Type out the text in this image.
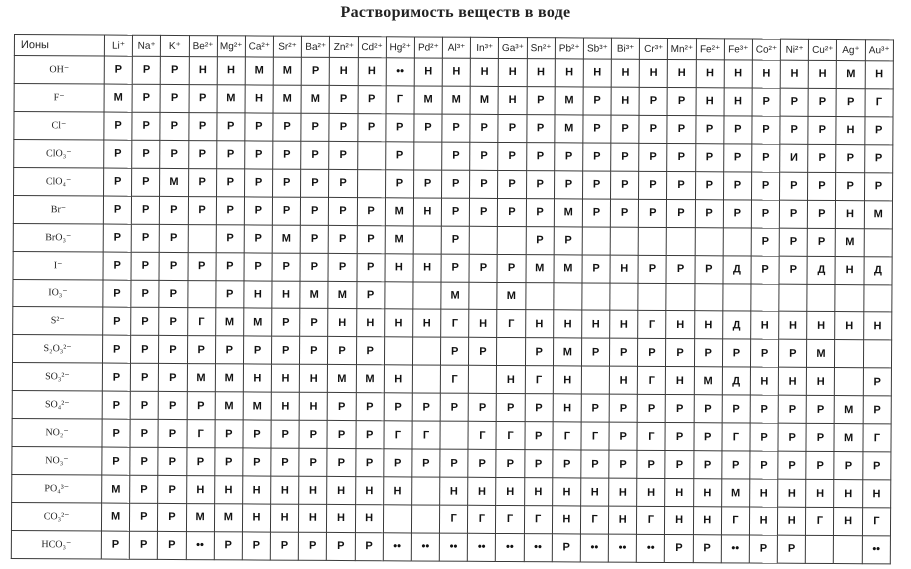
Растворимость веществ в воде
Ионы	Li⁺	Na⁺	K⁺	Be²⁺	Mg²⁺	Ca²⁺	Sr²⁺	Ba²⁺	Zn²⁺	Cd²⁺	Hg²⁺	Pd²⁺	Al³⁺	In³⁺	Ga³⁺	Sn²⁺	Pb²⁺	Sb³⁺	Bi³⁺	Cr³⁺	Mn²⁺	Fe²⁺	Fe³⁺	Co²⁺	Ni²⁺	Cu²⁺	Ag⁺	Au³⁺
OH⁻	Р	Р	Р	Н	Н	М	М	Р	Н	Н	••	Н	Н	Н	Н	Н	Н	Н	Н	Н	Н	Н	Н	Н	Н	Н	М	Н
F⁻	М	Р	Р	Р	М	Н	М	М	Р	Р	Г	М	М	М	Н	Р	М	Р	Н	Р	Р	Н	Н	Р	Р	Р	Р	Г
Cl⁻	Р	Р	Р	Р	Р	Р	Р	Р	Р	Р	Р	Р	Р	Р	Р	Р	М	Р	Р	Р	Р	Р	Р	Р	Р	Р	Н	Р
ClO₃⁻	Р	Р	Р	Р	Р	Р	Р	Р	Р		Р		Р	Р	Р	Р	Р	Р	Р	Р	Р	Р	Р	Р	И	Р	Р	Р
ClO₄⁻	Р	Р	М	Р	Р	Р	Р	Р	Р		Р	Р	Р	Р	Р	Р	Р	Р	Р	Р	Р	Р	Р	Р	Р	Р	Р	Р
Br⁻	Р	Р	Р	Р	Р	Р	Р	Р	Р	Р	М	Н	Р	Р	Р	Р	М	Р	Р	Р	Р	Р	Р	Р	Р	Р	Н	М
BrO₃⁻	Р	Р	Р		Р	Р	М	Р	Р	Р	М		Р			Р	Р							Р	Р	Р	М	
I⁻	Р	Р	Р	Р	Р	Р	Р	Р	Р	Р	Н	Н	Р	Р	Р	М	М	Р	Н	Р	Р	Р	Д	Р	Р	Д	Н	Д
IO₃⁻	Р	Р	Р		Р	Н	Н	М	М	Р			М		М													
S²⁻	Р	Р	Р	Г	М	М	Р	Р	Н	Н	Н	Н	Г	Н	Г	Н	Н	Н	Н	Г	Н	Н	Д	Н	Н	Н	Н	Н
S₂O₃²⁻	Р	Р	Р	Р	Р	Р	Р	Р	Р	Р			Р	Р		Р	М	Р	Р	Р	Р	Р	Р	Р	Р	М		
SO₃²⁻	Р	Р	Р	М	М	Н	Н	Н	М	М	Н		Г		Н	Г	Н		Н	Г	Н	М	Д	Н	Н	Н		Р
SO₄²⁻	Р	Р	Р	Р	М	М	Н	Н	Р	Р	Р	Р	Р	Р	Р	Р	Н	Р	Р	Р	Р	Р	Р	Р	Р	Р	М	Р
NO₂⁻	Р	Р	Р	Г	Р	Р	Р	Р	Р	Р	Г	Г		Г	Г	Р	Г	Г	Р	Г	Р	Р	Г	Р	Р	Р	М	Г
NO₃⁻	Р	Р	Р	Р	Р	Р	Р	Р	Р	Р	Р	Р	Р	Р	Р	Р	Р	Р	Р	Р	Р	Р	Р	Р	Р	Р	Р	Р
PO₄³⁻	М	Р	Р	Н	Н	Н	Н	Н	Н	Н	Н		Н	Н	Н	Н	Н	Н	Н	Н	Н	Н	М	Н	Н	Н	Н	Н
CO₃²⁻	М	Р	Р	М	М	Н	Н	Н	Н	Н			Г	Г	Г	Г	Н	Г	Н	Г	Н	Н	Г	Н	Н	Г	Н	Г
HCO₃⁻	Р	Р	Р	••	Р	Р	Р	Р	Р	Р	••	••	••	••	••	••	Р	••	••	••	Р	Р	••	Р	Р			••
